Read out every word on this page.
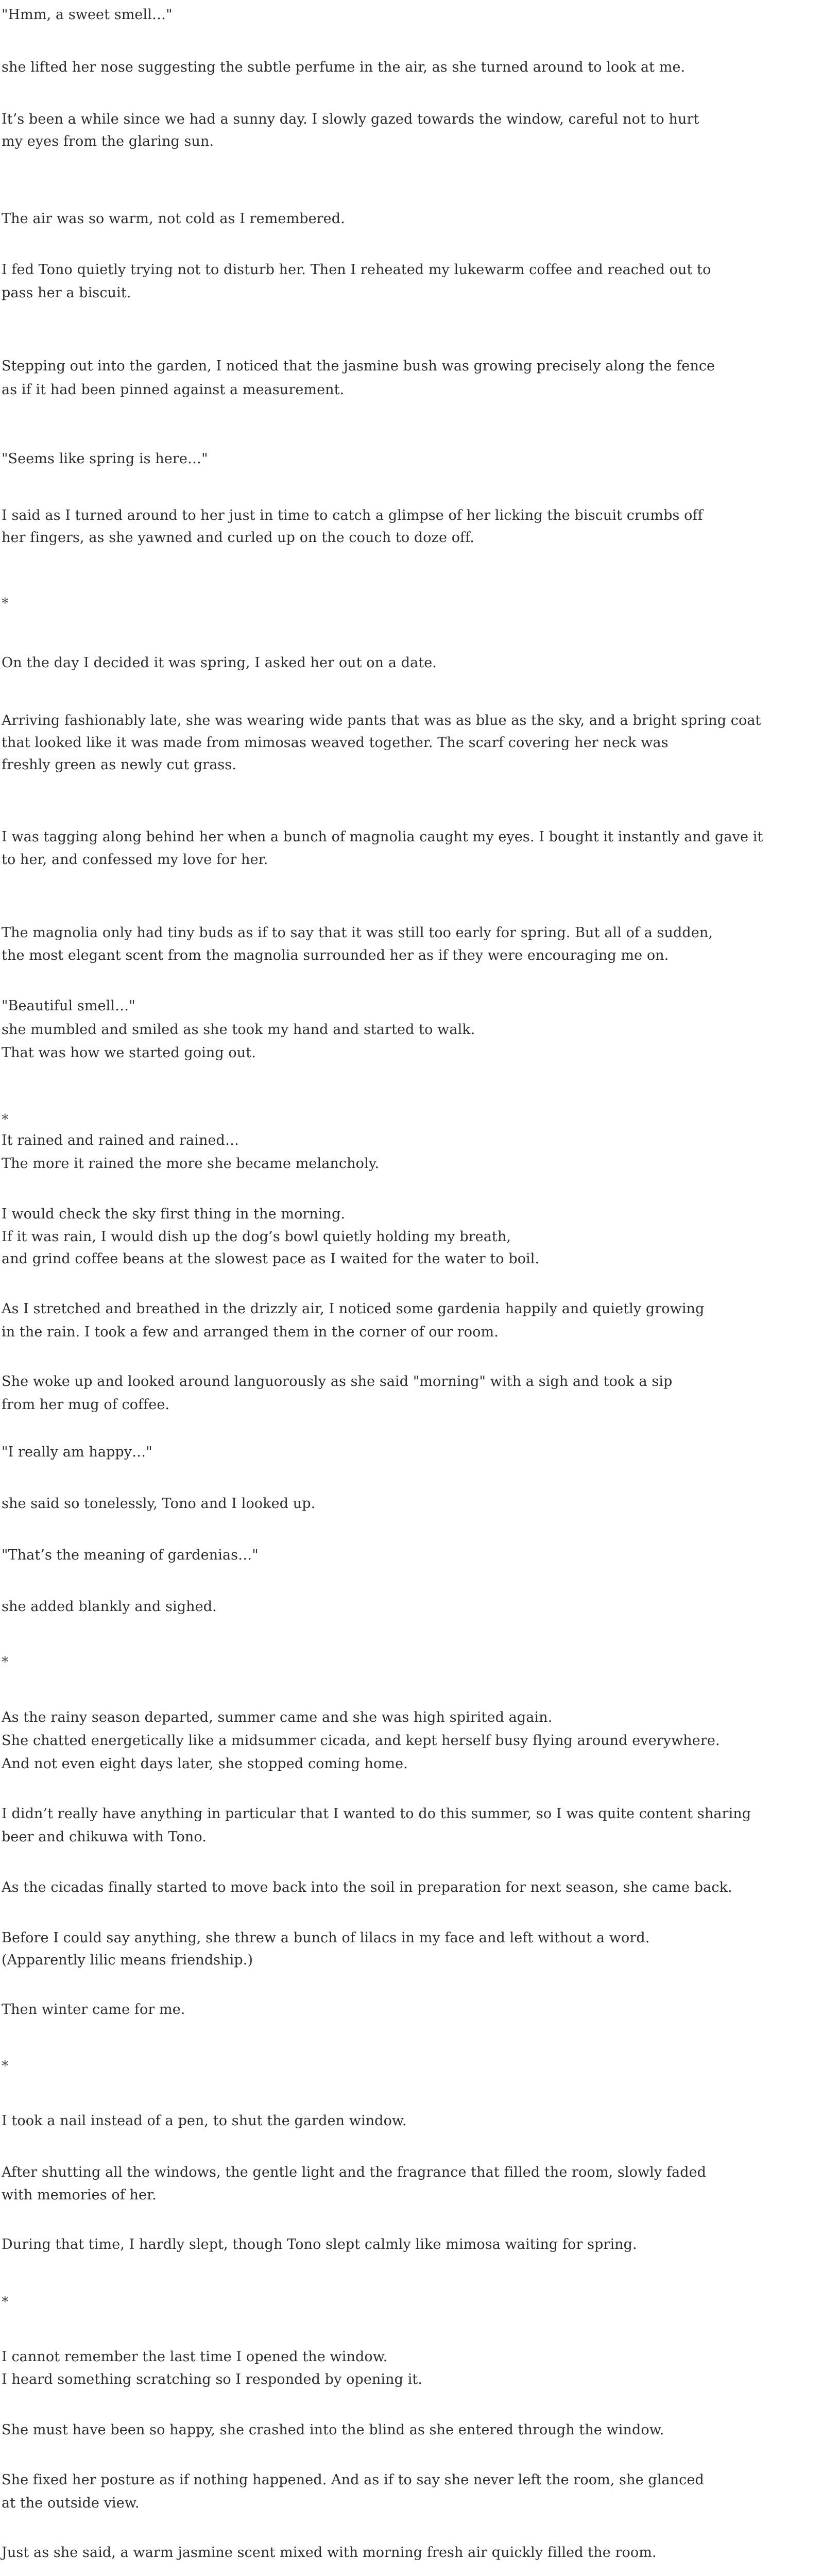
"Hmm, a sweet smell…"

she lifted her nose suggesting the subtle perfume in the air, as she turned around to look at me.

It’s been a while since we had a sunny day. I slowly gazed towards the window, careful not to hurt

my eyes from the glaring sun.

The air was so warm, not cold as I remembered.

I fed Tono quietly trying not to disturb her. Then I reheated my lukewarm coffee and reached out to

pass her a biscuit.

Stepping out into the garden, I noticed that the jasmine bush was growing precisely along the fence

as if it had been pinned against a measurement.

"Seems like spring is here…"

I said as I turned around to her just in time to catch a glimpse of her licking the biscuit crumbs off

her fingers, as she yawned and curled up on the couch to doze off.

*

On the day I decided it was spring, I asked her out on a date.

Arriving fashionably late, she was wearing wide pants that was as blue as the sky, and a bright spring coat

that looked like it was made from mimosas weaved together. The scarf covering her neck was

freshly green as newly cut grass.

I was tagging along behind her when a bunch of magnolia caught my eyes. I bought it instantly and gave it

to her, and confessed my love for her.

The magnolia only had tiny buds as if to say that it was still too early for spring. But all of a sudden,

the most elegant scent from the magnolia surrounded her as if they were encouraging me on.

"Beautiful smell…"

she mumbled and smiled as she took my hand and started to walk.

That was how we started going out.

*

It rained and rained and rained…

The more it rained the more she became melancholy.

I would check the sky first thing in the morning.

If it was rain, I would dish up the dog’s bowl quietly holding my breath,

and grind coffee beans at the slowest pace as I waited for the water to boil.

As I stretched and breathed in the drizzly air, I noticed some gardenia happily and quietly growing

in the rain. I took a few and arranged them in the corner of our room.

She woke up and looked around languorously as she said "morning" with a sigh and took a sip

from her mug of coffee.

"I really am happy…"

she said so tonelessly, Tono and I looked up.

"That’s the meaning of gardenias…"

she added blankly and sighed.

*

As the rainy season departed, summer came and she was high spirited again.

She chatted energetically like a midsummer cicada, and kept herself busy flying around everywhere.

And not even eight days later, she stopped coming home.

I didn’t really have anything in particular that I wanted to do this summer, so I was quite content sharing

beer and chikuwa with Tono.

As the cicadas finally started to move back into the soil in preparation for next season, she came back.

Before I could say anything, she threw a bunch of lilacs in my face and left without a word.

(Apparently lilic means friendship.)

Then winter came for me.

*

I took a nail instead of a pen, to shut the garden window.

After shutting all the windows, the gentle light and the fragrance that filled the room, slowly faded

with memories of her.

During that time, I hardly slept, though Tono slept calmly like mimosa waiting for spring.

*

I cannot remember the last time I opened the window.

I heard something scratching so I responded by opening it.

She must have been so happy, she crashed into the blind as she entered through the window.

She fixed her posture as if nothing happened. And as if to say she never left the room, she glanced

at the outside view.

Just as she said, a warm jasmine scent mixed with morning fresh air quickly filled the room.
